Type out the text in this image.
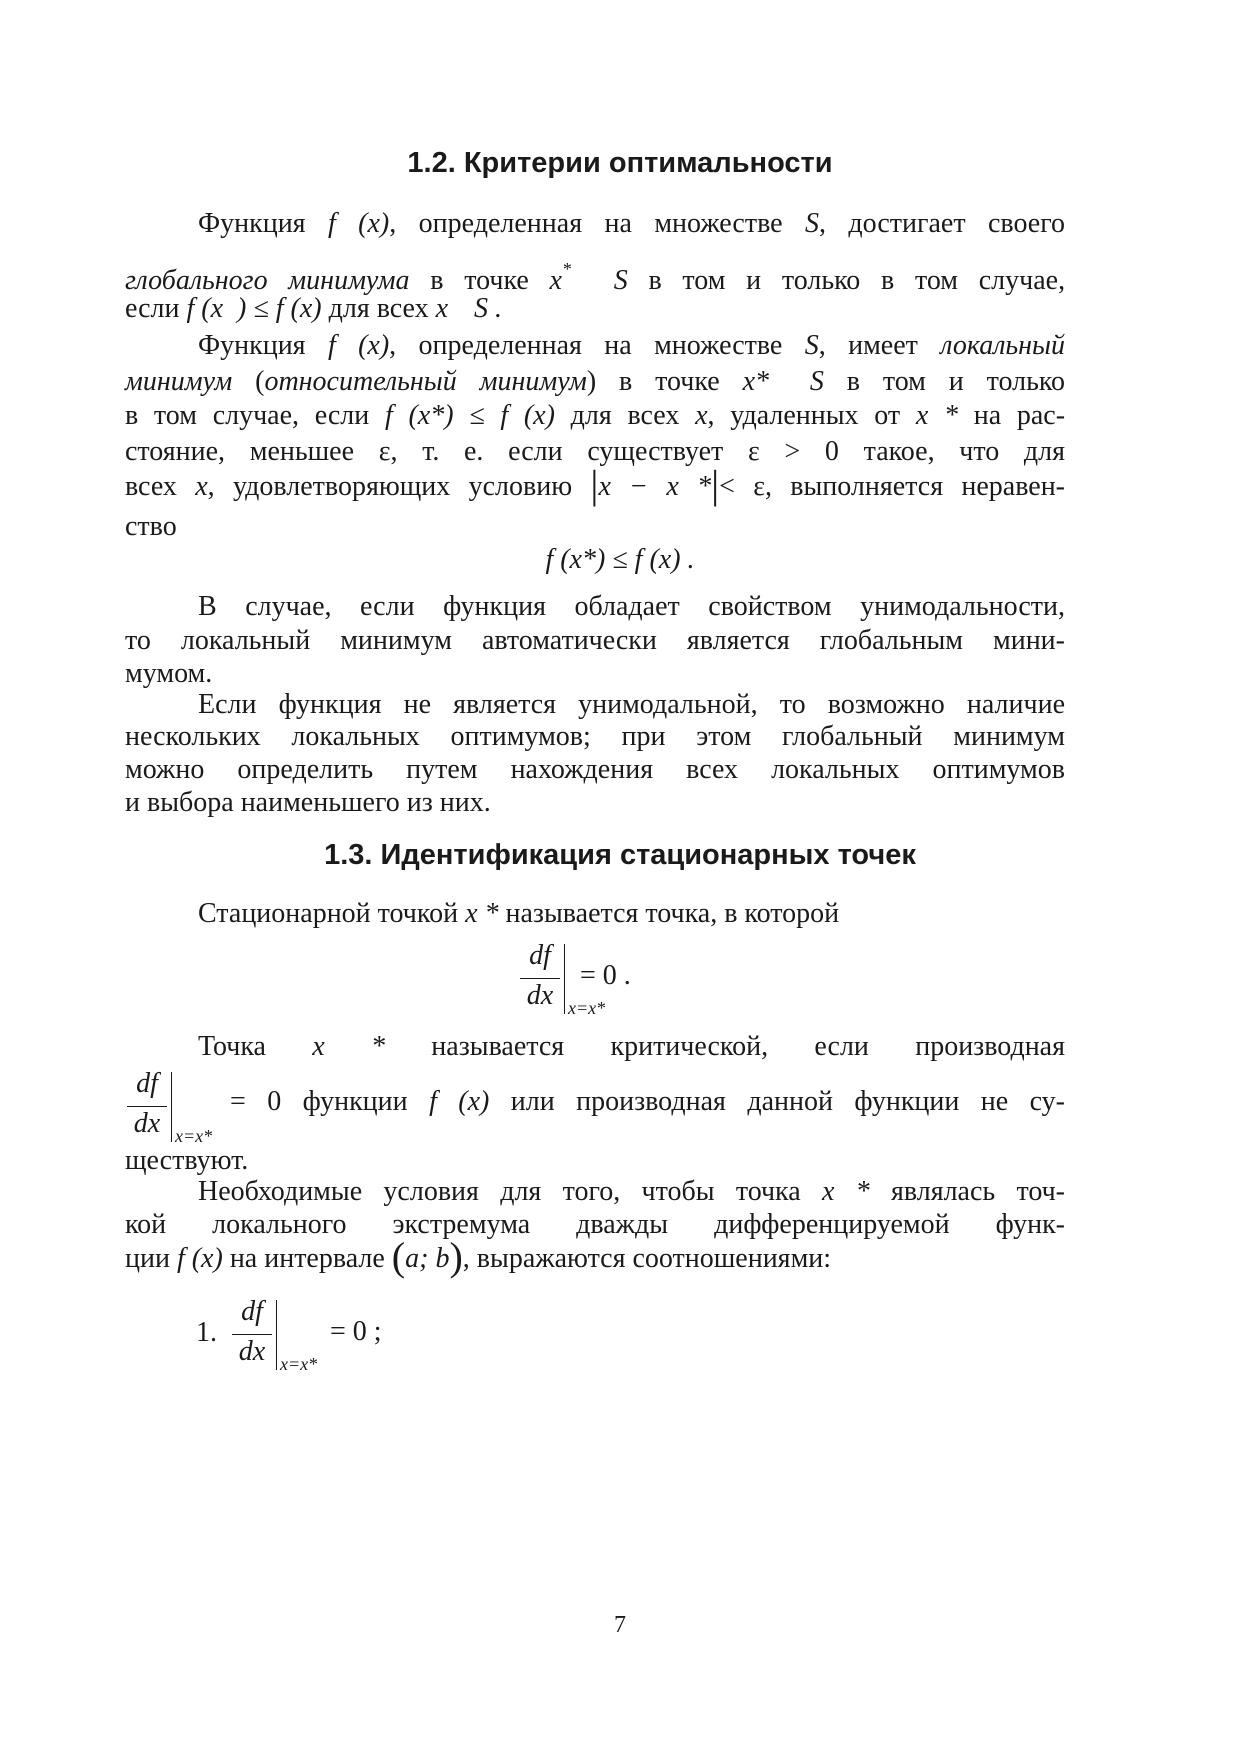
1.2. Критерии оптимальности
Функция f (x), определенная на множестве S, достигает своего
глобального минимума в точке x* S в том и только в том случае,
если f (x  ) ≤ f (x) для всех x S .
Функция f (x), определенная на множестве S, имеет локальный
минимум (относительный минимум) в точке x* S в том и только
в том случае, если f (x*) ≤ f (x) для всех x, удаленных от x * на рас-
стояние, меньшее ε, т. е. если существует ε > 0 такое, что для
всех x, удовлетворяющих условию |x − x *|< ε, выполняется неравен-
ство
f (x*) ≤ f (x) .
В случае, если функция обладает свойством унимодальности,
то локальный минимум автоматически является глобальным мини-
мумом.
Если функция не является унимодальной, то возможно наличие
нескольких локальных оптимумов; при этом глобальный минимум
можно определить путем нахождения всех локальных оптимумов
и выбора наименьшего из них.
1.3. Идентификация стационарных точек
Стационарной точкой x * называется точка, в которой
df
dx x=x*
= 0 .
Точка x * называется критической, если производная
df
dx x=x*
= 0 функции f (x) или производная данной функции не су-
ществуют.
Необходимые условия для того, чтобы точка x * являлась точ-
кой локального экстремума дважды дифференцируемой функ-
ции f (x) на интервале (a; b), выражаются соотношениями:
1.
df
dx x=x*
= 0 ;
7
